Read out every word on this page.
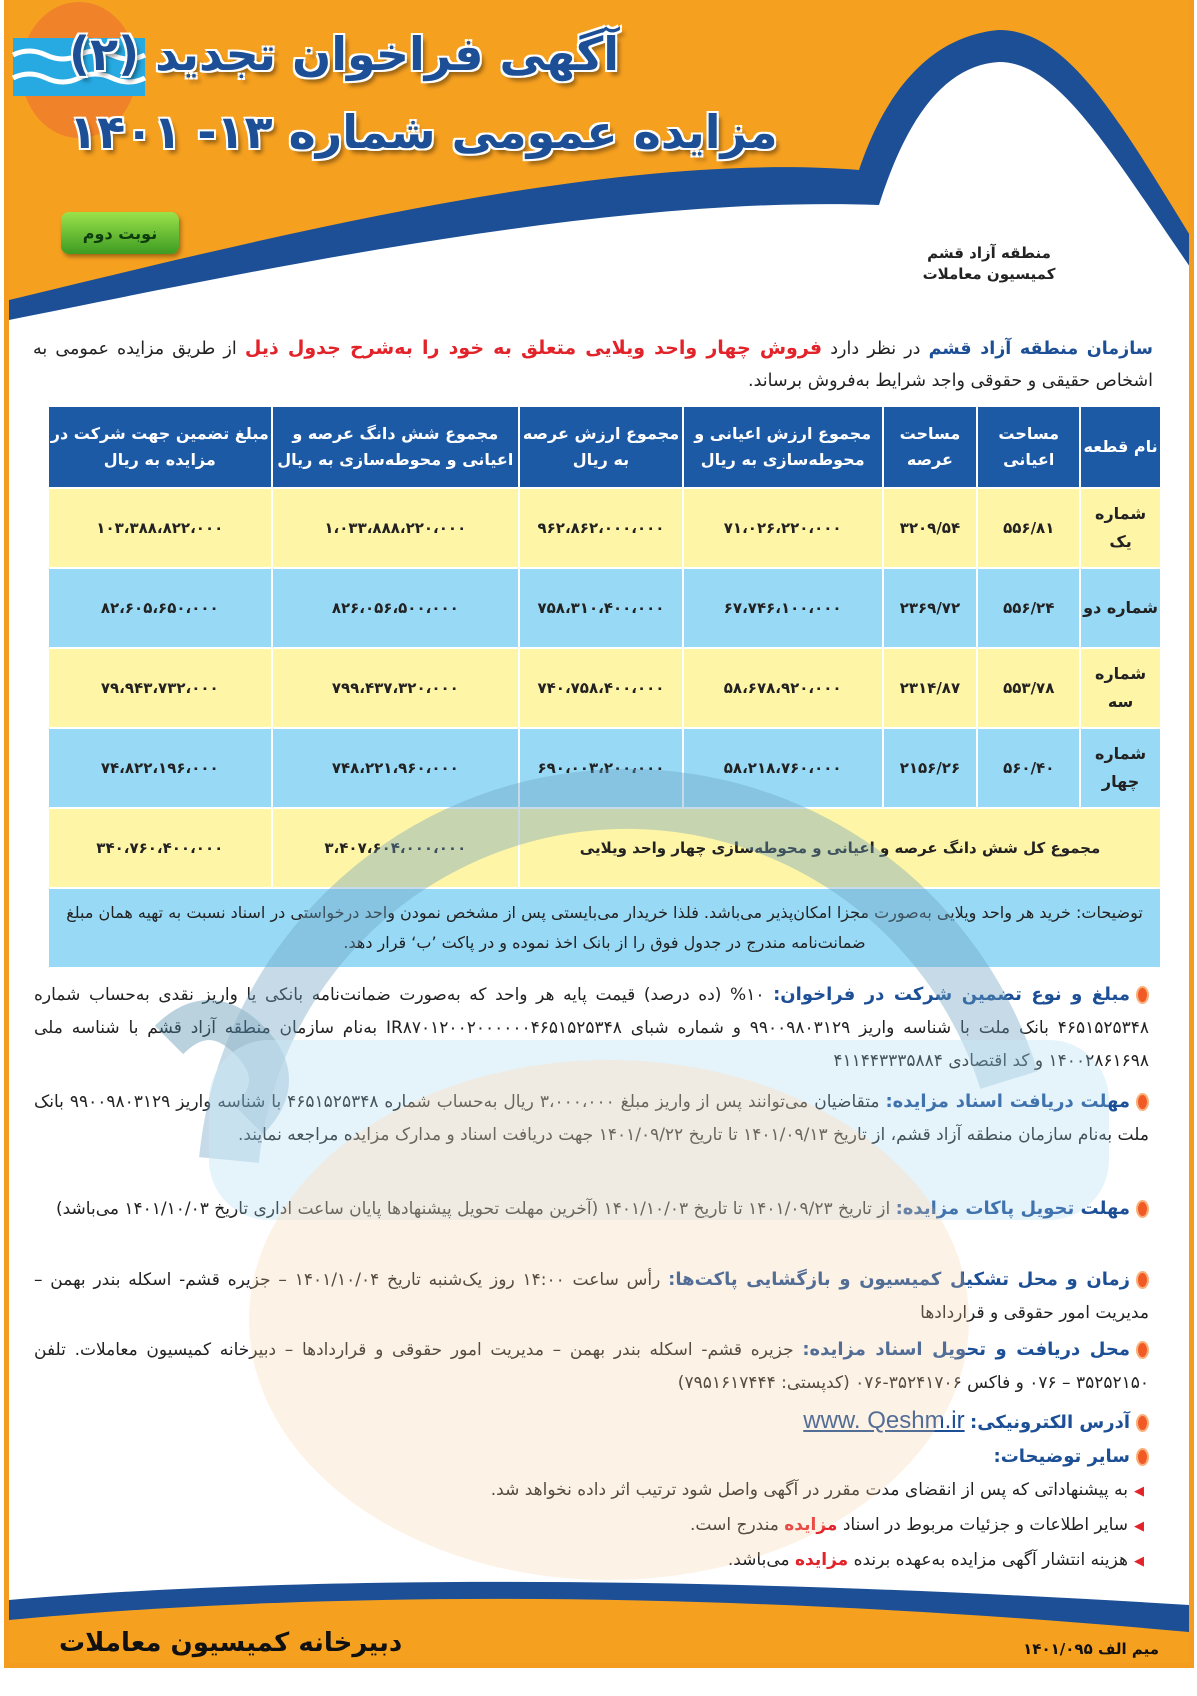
آگهی فراخوان تجدید (۲)
مزایده عمومی شماره ۱۳- ۱۴۰۱
نوبت دوم
منطقه آزاد قشم
کمیسیون معاملات

سازمان منطقه آزاد قشم در نظر دارد فروش چهار واحد ویلایی متعلق به خود را به‌شرح جدول ذیل از طریق مزایده عمومی به اشخاص حقیقی و حقوقی واجد شرایط به‌فروش برساند.

نام قطعه	مساحت اعیانی	مساحت عرصه	مجموع ارزش اعیانی و محوطه‌سازی به ریال	مجموع ارزش عرصه به ریال	مجموع شش دانگ عرصه و اعیانی و محوطه‌سازی به ریال	مبلغ تضمین جهت شرکت در مزایده به ریال
شماره یک	۵۵۶/۸۱	۳۲۰۹/۵۴	۷۱،۰۲۶،۲۲۰،۰۰۰	۹۶۲،۸۶۲،۰۰۰،۰۰۰	۱،۰۳۳،۸۸۸،۲۲۰،۰۰۰	۱۰۳،۳۸۸،۸۲۲،۰۰۰
شماره دو	۵۵۶/۲۴	۲۳۶۹/۷۲	۶۷،۷۴۶،۱۰۰،۰۰۰	۷۵۸،۳۱۰،۴۰۰،۰۰۰	۸۲۶،۰۵۶،۵۰۰،۰۰۰	۸۲،۶۰۵،۶۵۰،۰۰۰
شماره سه	۵۵۳/۷۸	۲۳۱۴/۸۷	۵۸،۶۷۸،۹۲۰،۰۰۰	۷۴۰،۷۵۸،۴۰۰،۰۰۰	۷۹۹،۴۳۷،۳۲۰،۰۰۰	۷۹،۹۴۳،۷۳۲،۰۰۰
شماره چهار	۵۶۰/۴۰	۲۱۵۶/۲۶	۵۸،۲۱۸،۷۶۰،۰۰۰	۶۹۰،۰۰۳،۲۰۰،۰۰۰	۷۴۸،۲۲۱،۹۶۰،۰۰۰	۷۴،۸۲۲،۱۹۶،۰۰۰
مجموع کل شش دانگ عرصه و اعیانی و محوطه‌سازی چهار واحد ویلایی					۳،۴۰۷،۶۰۴،۰۰۰،۰۰۰	۳۴۰،۷۶۰،۴۰۰،۰۰۰
توضیحات: خرید هر واحد ویلایی به‌صورت مجزا امکان‌پذیر می‌باشد. فلذا خریدار می‌بایستی پس از مشخص نمودن واحد درخواستی در اسناد نسبت به تهیه همان مبلغ ضمانت‌نامه مندرج در جدول فوق را از بانک اخذ نموده و در پاکت ’ب‘ قرار دهد.						
مبلغ و نوع تضمین شرکت در فراخوان: ۱۰% (ده درصد) قیمت پایه هر واحد که به‌صورت ضمانت‌نامه بانکی یا واریز نقدی به‌حساب شماره ۴۶۵۱۵۲۵۳۴۸ بانک ملت با شناسه واریز ۹۹۰۰۹۸۰۳۱۲۹ و شماره شبای IR۸۷۰۱۲۰۰۲۰۰۰۰۰۰۴۶۵۱۵۲۵۳۴۸ به‌نام سازمان منطقه آزاد قشم با شناسه ملی ۱۴۰۰۲۸۶۱۶۹۸ و کد اقتصادی ۴۱۱۴۴۳۳۳۵۸۸۴
مهلت دریافت اسناد مزایده: متقاضیان می‌توانند پس از واریز مبلغ ۳،۰۰۰،۰۰۰ ریال به‌حساب شماره ۴۶۵۱۵۲۵۳۴۸ با شناسه واریز ۹۹۰۰۹۸۰۳۱۲۹ بانک ملت به‌نام سازمان منطقه آزاد قشم، از تاریخ ۱۴۰۱/۰۹/۱۳ تا تاریخ ۱۴۰۱/۰۹/۲۲ جهت دریافت اسناد و مدارک مزایده مراجعه نمایند.
مهلت تحویل پاکات مزایده: از تاریخ ۱۴۰۱/۰۹/۲۳ تا تاریخ ۱۴۰۱/۱۰/۰۳ (آخرین مهلت تحویل پیشنهادها پایان ساعت اداری تاریخ ۱۴۰۱/۱۰/۰۳ می‌باشد)
زمان و محل تشکیل کمیسیون و بازگشایی پاکت‌ها: رأس ساعت ۱۴:۰۰ روز یک‌شنبه تاریخ ۱۴۰۱/۱۰/۰۴ – جزیره قشم- اسکله بندر بهمن – مدیریت امور حقوقی و قراردادها
محل دریافت و تحویل اسناد مزایده: جزیره قشم- اسکله بندر بهمن – مدیریت امور حقوقی و قراردادها – دبیرخانه کمیسیون معاملات. تلفن ۳۵۲۵۲۱۵۰ – ۰۷۶ و فاکس ۳۵۲۴۱۷۰۶-۰۷۶ (کدپستی: ۷۹۵۱۶۱۷۴۴۴)
آدرس الکترونیکی: www. Qeshm.ir
سایر توضیحات:
◀به پیشنهاداتی که پس از انقضای مدت مقرر در آگهی واصل شود ترتیب اثر داده نخواهد شد.
◀سایر اطلاعات و جزئیات مربوط در اسناد مزایده مندرج است.
◀هزینه انتشار آگهی مزایده به‌عهده برنده مزایده می‌باشد.
دبیرخانه کمیسیون معاملات	میم الف ۱۴۰۱/۰۹۵
